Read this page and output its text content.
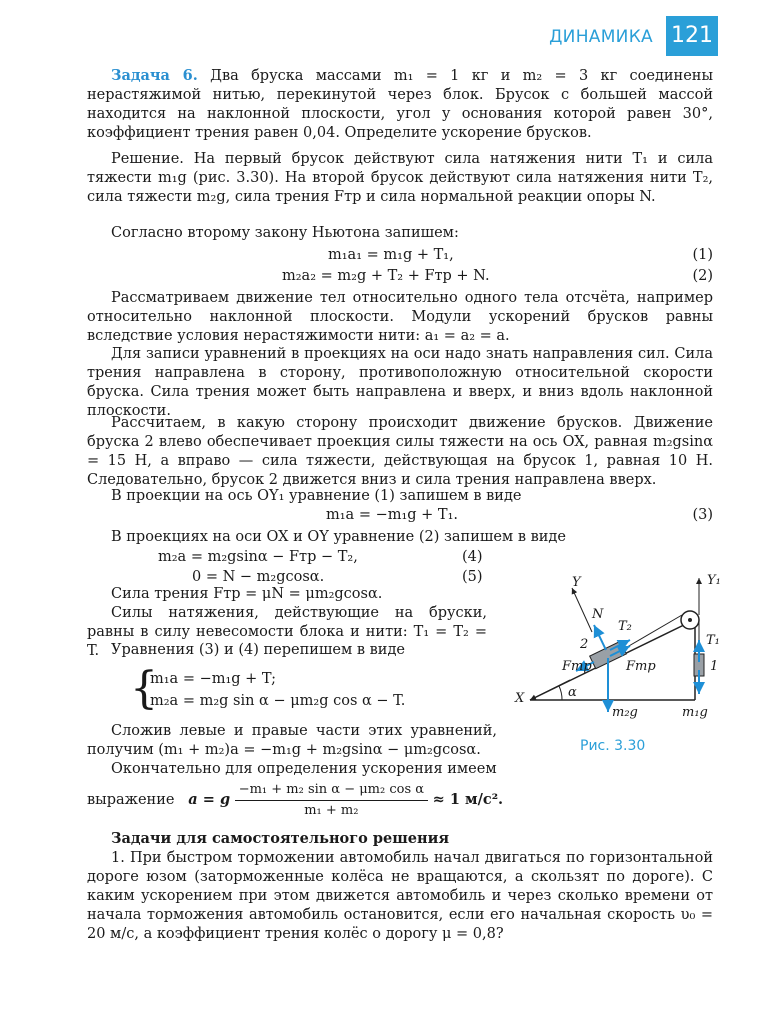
ДИНАМИКА 121

Задача 6. Два бруска массами m₁ = 1 кг и m₂ = 3 кг соединены нерастяжимой нитью, перекинутой через блок. Брусок с большей массой находится на наклонной плоскости, угол у основания которой равен 30°, коэффициент трения равен 0,04. Определите ускорение брусков.

Решение. На первый брусок действуют сила натяжения нити T₁ и сила тяжести m₁g (рис. 3.30). На второй брусок действуют сила натяжения нити T₂, сила тяжести m₂g, сила трения Fтр и сила нормальной реакции опоры N.

Согласно второму закону Ньютона запишем:

m₁a₁ = m₁g + T₁,	(1)
m₂a₂ = m₂g + T₂ + Fтр + N.	(2)

Рассматриваем движение тел относительно одного тела отсчёта, например относительно наклонной плоскости. Модули ускорений брусков равны вследствие условия нерастяжимости нити: a₁ = a₂ = a.

Для записи уравнений в проекциях на оси надо знать направления сил. Сила трения направлена в сторону, противоположную относительной скорости бруска. Сила трения может быть направлена и вверх, и вниз вдоль наклонной плоскости.

Рассчитаем, в какую сторону происходит движение брусков. Движение бруска 2 влево обеспечивает проекция силы тяжести на ось OX, равная m₂gsinα = 15 Н, а вправо — сила тяжести, действующая на брусок 1, равная 10 Н. Следовательно, брусок 2 движется вниз и сила трения направлена вверх.

В проекции на ось OY₁ уравнение (1) запишем в виде

m₁a = −m₁g + T₁.	(3)

В проекциях на оси OX и OY уравнение (2) запишем в виде

m₂a = m₂gsinα − Fтр − T₂,	(4)
0 = N − m₂gcosα.	(5)

Сила трения Fтр = μN = μm₂gcosα.

Силы натяжения, действующие на бруски, равны в силу невесомости блока и нити: T₁ = T₂ = T. Уравнения (3) и (4) перепишем в виде

{
m₁a = −m₁g + T;
m₂a = m₂g sin α − μm₂g cos α − T.

Сложив левые и правые части этих уравнений, получим (m₁ + m₂)a = −m₁g + m₂gsinα − μm₂gcosα.

Окончательно для определения ускорения имеем

выражение a = g $\frac{\text{−m₁ + m₂ sin α − μm₂ cos α}}{\text{m₁ + m₂}} \approx 1$ м/с².

Задачи для самостоятельного решения

1. При быстром торможении автомобиль начал двигаться по горизонтальной дороге юзом (заторможенные колёса не вращаются, а скользят по дороге). С каким ускорением при этом движется автомобиль и через сколько времени от начала торможения автомобиль остановится, если его начальная скорость υ₀ = 20 м/с, а коэффициент трения колёс о дорогу μ = 0,8?

Y	Y₁
X
N
T₂
T₁
Fтр	Fтр
2
1
α
m₂g	m₁g
Рис. 3.30
